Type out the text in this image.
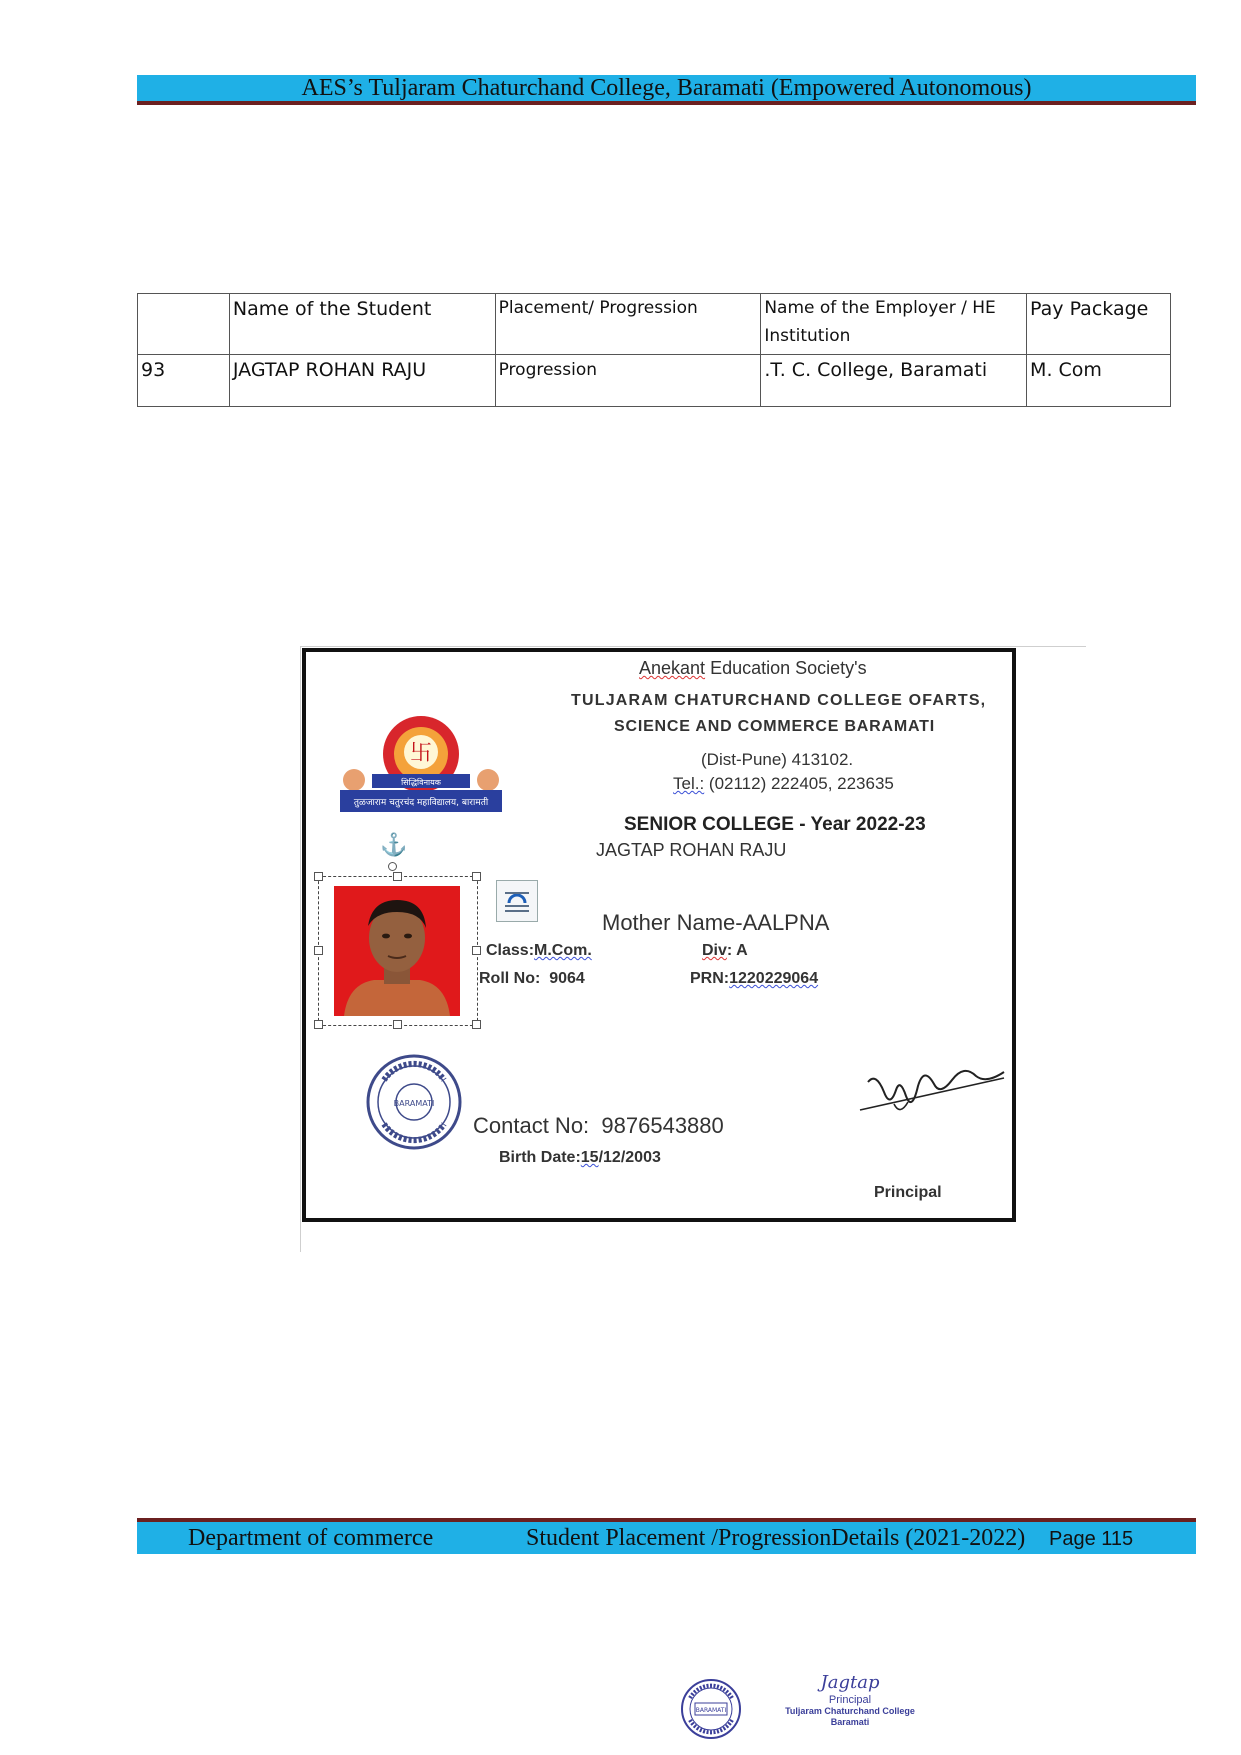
AES’s Tuljaram Chaturchand College, Baramati (Empowered Autonomous)
	Name of the Student	Placement/ Progression	Name of the Employer / HE Institution	Pay Package
93	JAGTAP ROHAN RAJU	Progression	.T. C. College, Baramati	M. Com
Anekant Education Society's
TULJARAM CHATURCHAND COLLEGE OFARTS,
SCIENCE AND COMMERCE BARAMATI
(Dist-Pune) 413102.
Tel.: (02112) 222405, 223635
SENIOR COLLEGE - Year 2022-23
JAGTAP ROHAN RAJU
卐
सिद्धिविनायक
तुळजाराम चतुरचंद महाविद्यालय, बारामती
⚓
Mother Name-AALPNA
Class:M.Com.	Div: A
Roll No: 9064	PRN:1220229064
BARAMATI
Contact No: 9876543880
Birth Date:15/12/2003
Principal
Department of commerce	Student Placement /ProgressionDetails (2021-2022) Page 115
BARAMATI
Jagtap
Principal
Tuljaram Chaturchand College
Baramati
